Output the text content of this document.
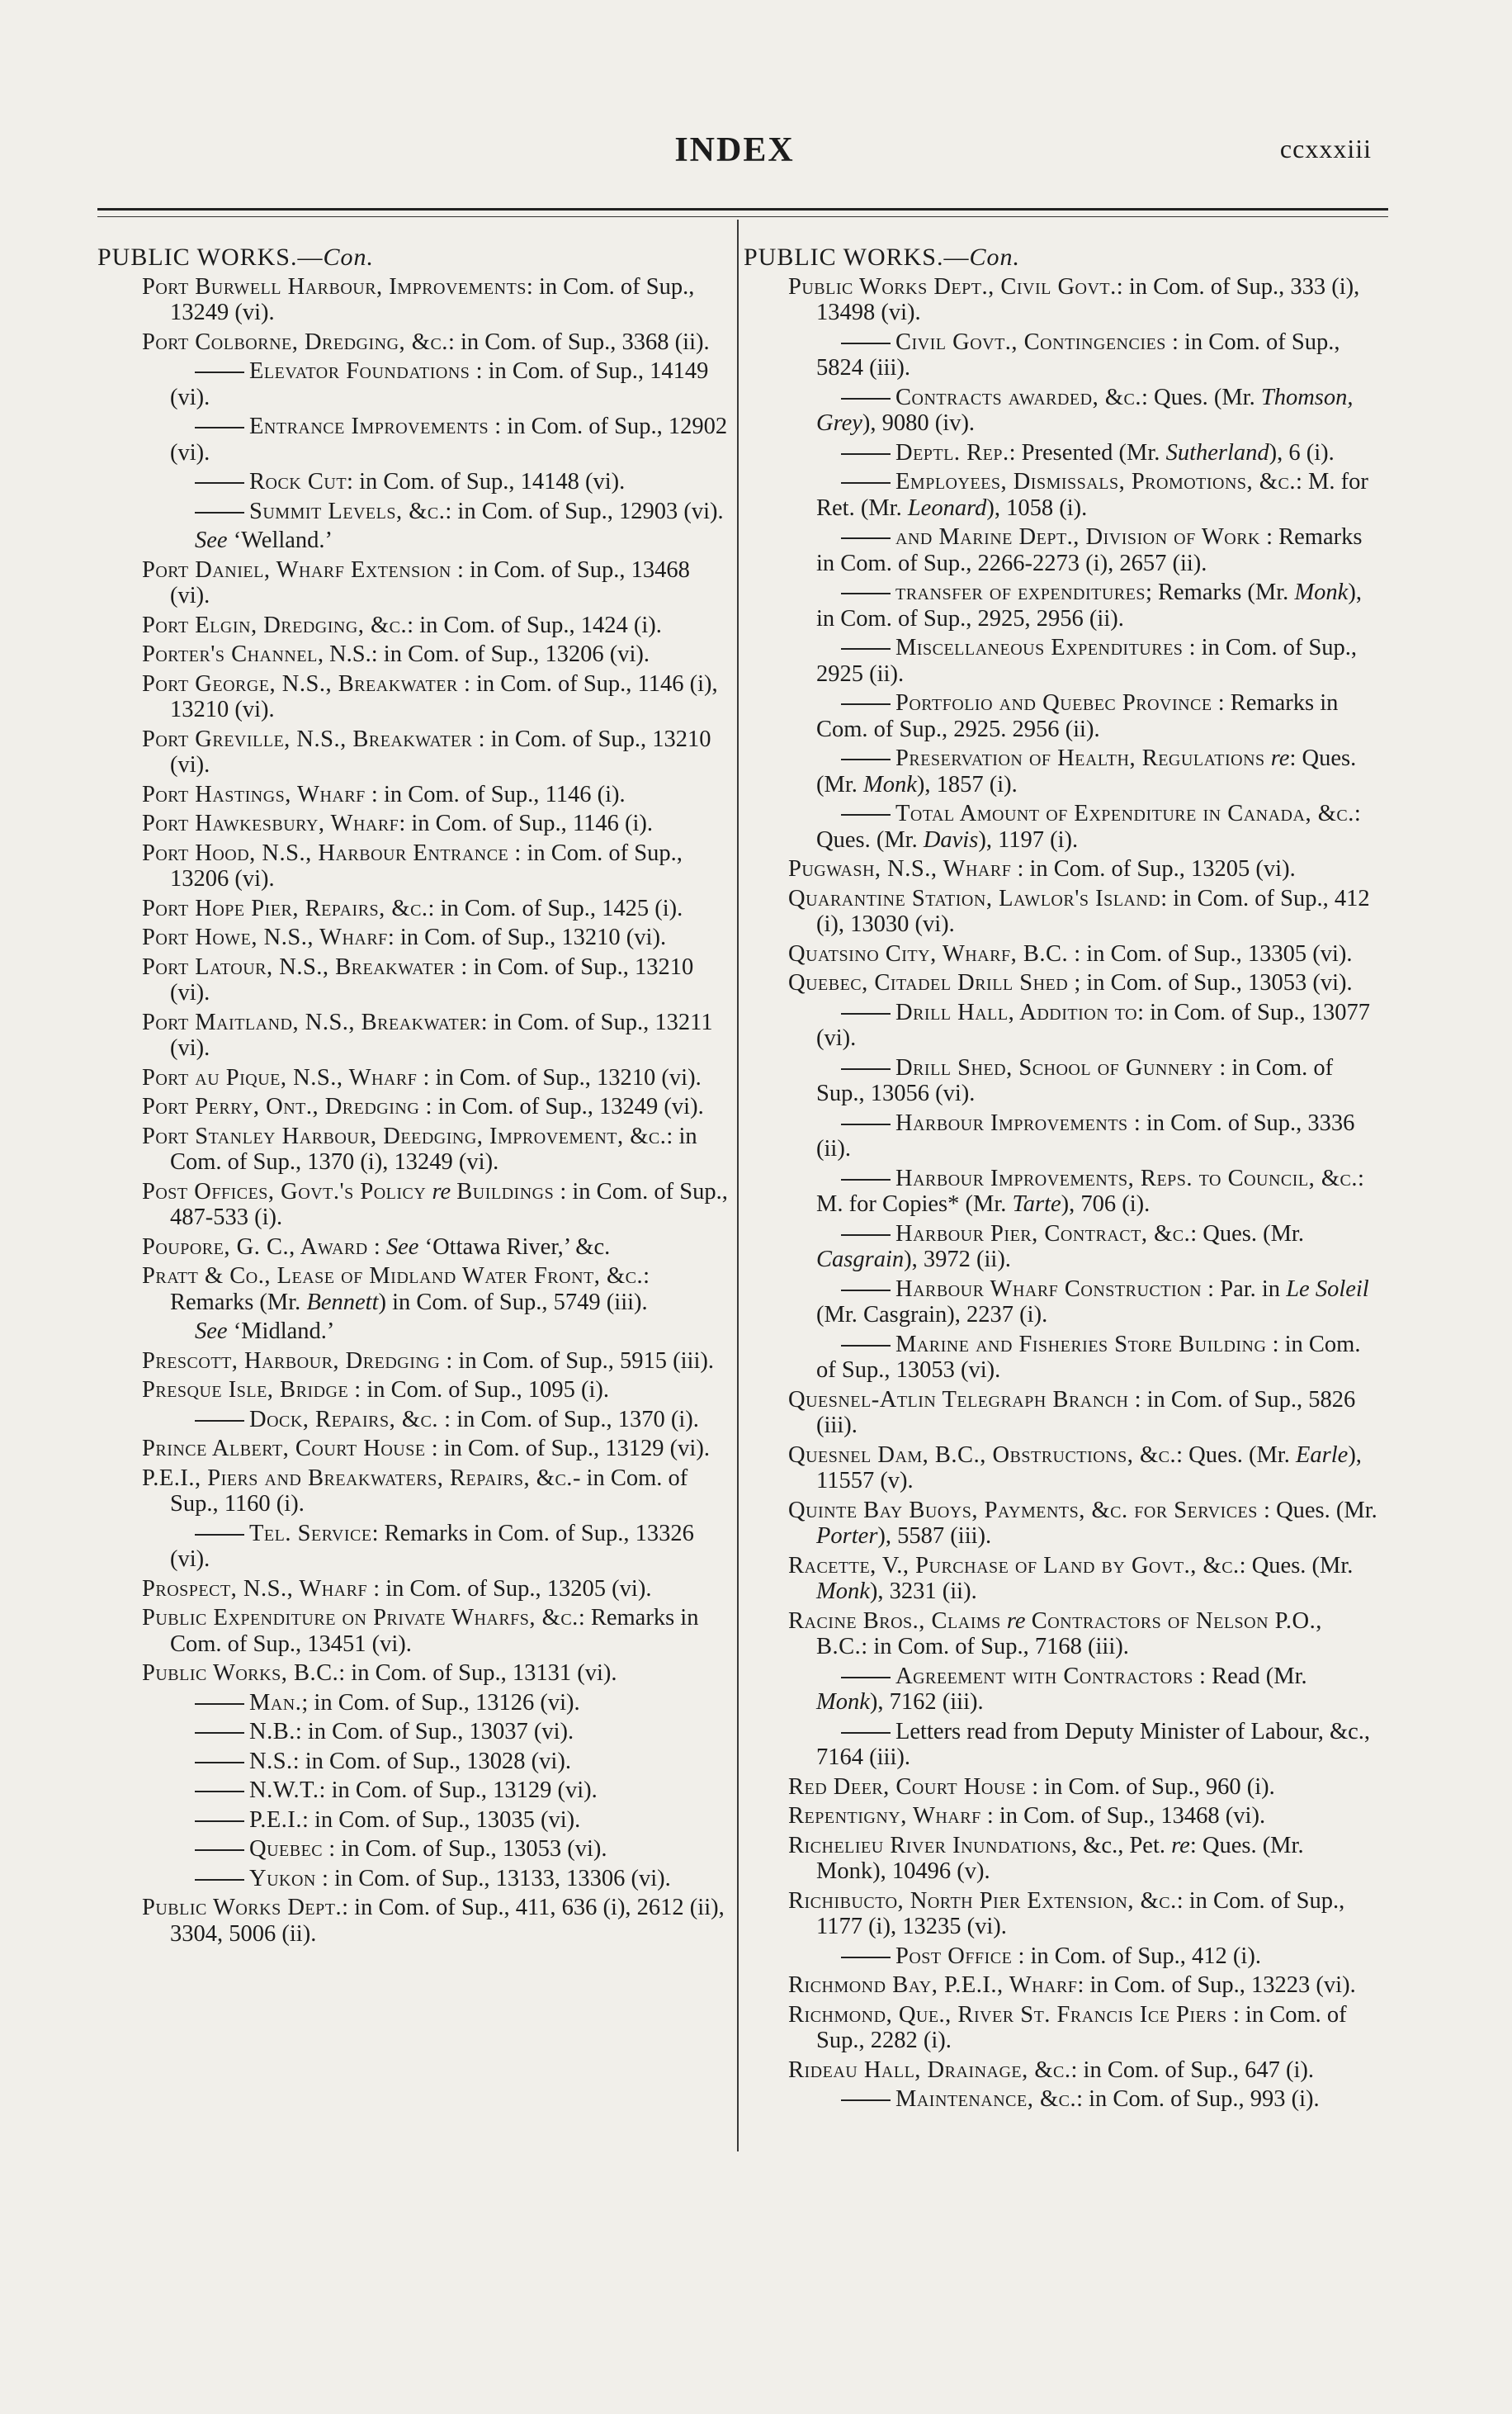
INDEX	ccxxxiii
PUBLIC WORKS.—Con.
Port Burwell Harbour, Improvements: in Com. of Sup., 13249 (vi).
Port Colborne, Dredging, &c.: in Com. of Sup., 3368 (ii).
Elevator Foundations : in Com. of Sup., 14149 (vi).
Entrance Improvements : in Com. of Sup., 12902 (vi).
Rock Cut: in Com. of Sup., 14148 (vi).
Summit Levels, &c.: in Com. of Sup., 12903 (vi).
See ‘Welland.’
Port Daniel, Wharf Extension : in Com. of Sup., 13468 (vi).
Port Elgin, Dredging, &c.: in Com. of Sup., 1424 (i).
Porter's Channel, N.S.: in Com. of Sup., 13206 (vi).
Port George, N.S., Breakwater : in Com. of Sup., 1146 (i), 13210 (vi).
Port Greville, N.S., Breakwater : in Com. of Sup., 13210 (vi).
Port Hastings, Wharf : in Com. of Sup., 1146 (i).
Port Hawkesbury, Wharf: in Com. of Sup., 1146 (i).
Port Hood, N.S., Harbour Entrance : in Com. of Sup., 13206 (vi).
Port Hope Pier, Repairs, &c.: in Com. of Sup., 1425 (i).
Port Howe, N.S., Wharf: in Com. of Sup., 13210 (vi).
Port Latour, N.S., Breakwater : in Com. of Sup., 13210 (vi).
Port Maitland, N.S., Breakwater: in Com. of Sup., 13211 (vi).
Port au Pique, N.S., Wharf : in Com. of Sup., 13210 (vi).
Port Perry, Ont., Dredging : in Com. of Sup., 13249 (vi).
Port Stanley Harbour, Deedging, Improvement, &c.: in Com. of Sup., 1370 (i), 13249 (vi).
Post Offices, Govt.'s Policy re Buildings : in Com. of Sup., 487-533 (i).
Poupore, G. C., Award : See ‘Ottawa River,’ &c.
Pratt & Co., Lease of Midland Water Front, &c.: Remarks (Mr. Bennett) in Com. of Sup., 5749 (iii).
See ‘Midland.’
Prescott, Harbour, Dredging : in Com. of Sup., 5915 (iii).
Presque Isle, Bridge : in Com. of Sup., 1095 (i).
Dock, Repairs, &c. : in Com. of Sup., 1370 (i).
Prince Albert, Court House : in Com. of Sup., 13129 (vi).
P.E.I., Piers and Breakwaters, Repairs, &c.- in Com. of Sup., 1160 (i).
Tel. Service: Remarks in Com. of Sup., 13326 (vi).
Prospect, N.S., Wharf : in Com. of Sup., 13205 (vi).
Public Expenditure on Private Wharfs, &c.: Remarks in Com. of Sup., 13451 (vi).
Public Works, B.C.: in Com. of Sup., 13131 (vi).
Man.; in Com. of Sup., 13126 (vi).
N.B.: in Com. of Sup., 13037 (vi).
N.S.: in Com. of Sup., 13028 (vi).
N.W.T.: in Com. of Sup., 13129 (vi).
P.E.I.: in Com. of Sup., 13035 (vi).
Quebec : in Com. of Sup., 13053 (vi).
Yukon : in Com. of Sup., 13133, 13306 (vi).
Public Works Dept.: in Com. of Sup., 411, 636 (i), 2612 (ii), 3304, 5006 (ii).
PUBLIC WORKS.—Con.
Public Works Dept., Civil Govt.: in Com. of Sup., 333 (i), 13498 (vi).
Civil Govt., Contingencies : in Com. of Sup., 5824 (iii).
Contracts awarded, &c.: Ques. (Mr. Thomson, Grey), 9080 (iv).
Deptl. Rep.: Presented (Mr. Sutherland), 6 (i).
Employees, Dismissals, Promotions, &c.: M. for Ret. (Mr. Leonard), 1058 (i).
and Marine Dept., Division of Work : Remarks in Com. of Sup., 2266-2273 (i), 2657 (ii).
transfer of expenditures; Remarks (Mr. Monk), in Com. of Sup., 2925, 2956 (ii).
Miscellaneous Expenditures : in Com. of Sup., 2925 (ii).
Portfolio and Quebec Province : Remarks in Com. of Sup., 2925. 2956 (ii).
Preservation of Health, Regulations re: Ques. (Mr. Monk), 1857 (i).
Total Amount of Expenditure in Canada, &c.: Ques. (Mr. Davis), 1197 (i).
Pugwash, N.S., Wharf : in Com. of Sup., 13205 (vi).
Quarantine Station, Lawlor's Island: in Com. of Sup., 412 (i), 13030 (vi).
Quatsino City, Wharf, B.C. : in Com. of Sup., 13305 (vi).
Quebec, Citadel Drill Shed ; in Com. of Sup., 13053 (vi).
Drill Hall, Addition to: in Com. of Sup., 13077 (vi).
Drill Shed, School of Gunnery : in Com. of Sup., 13056 (vi).
Harbour Improvements : in Com. of Sup., 3336 (ii).
Harbour Improvements, Reps. to Council, &c.: M. for Copies* (Mr. Tarte), 706 (i).
Harbour Pier, Contract, &c.: Ques. (Mr. Casgrain), 3972 (ii).
Harbour Wharf Construction : Par. in Le Soleil (Mr. Casgrain), 2237 (i).
Marine and Fisheries Store Building : in Com. of Sup., 13053 (vi).
Quesnel-Atlin Telegraph Branch : in Com. of Sup., 5826 (iii).
Quesnel Dam, B.C., Obstructions, &c.: Ques. (Mr. Earle), 11557 (v).
Quinte Bay Buoys, Payments, &c. for Services : Ques. (Mr. Porter), 5587 (iii).
Racette, V., Purchase of Land by Govt., &c.: Ques. (Mr. Monk), 3231 (ii).
Racine Bros., Claims re Contractors of Nelson P.O., B.C.: in Com. of Sup., 7168 (iii).
Agreement with Contractors : Read (Mr. Monk), 7162 (iii).
Letters read from Deputy Minister of Labour, &c., 7164 (iii).
Red Deer, Court House : in Com. of Sup., 960 (i).
Repentigny, Wharf : in Com. of Sup., 13468 (vi).
Richelieu River Inundations, &c., Pet. re: Ques. (Mr. Monk), 10496 (v).
Richibucto, North Pier Extension, &c.: in Com. of Sup., 1177 (i), 13235 (vi).
Post Office : in Com. of Sup., 412 (i).
Richmond Bay, P.E.I., Wharf: in Com. of Sup., 13223 (vi).
Richmond, Que., River St. Francis Ice Piers : in Com. of Sup., 2282 (i).
Rideau Hall, Drainage, &c.: in Com. of Sup., 647 (i).
Maintenance, &c.: in Com. of Sup., 993 (i).
